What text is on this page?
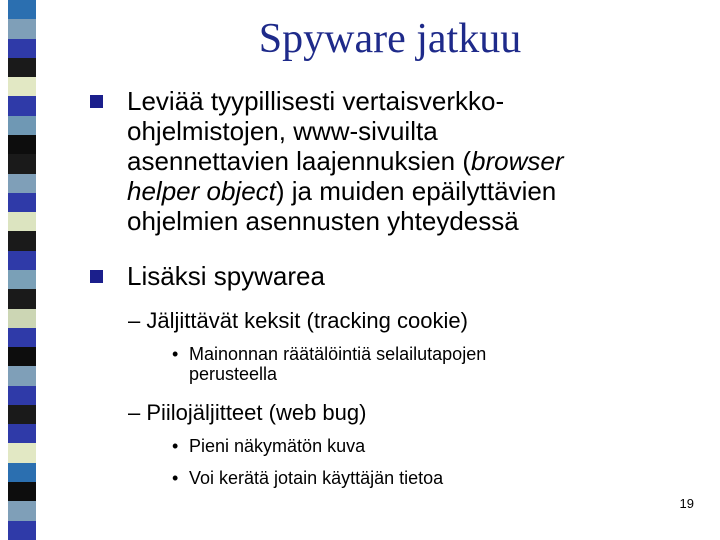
Spyware jatkuu
Leviää tyypillisesti vertaisverkko-
ohjelmistojen, www-sivuilta
asennettavien laajennuksien (browser
helper object) ja muiden epäilyttävien
ohjelmien asennusten yhteydessä
Lisäksi spywarea
– Jäljittävät keksit (tracking cookie)
• Mainonnan räätälöintiä selailutapojen
perusteella
– Piilojäljitteet (web bug)
• Pieni näkymätön kuva
• Voi kerätä jotain käyttäjän tietoa
19
